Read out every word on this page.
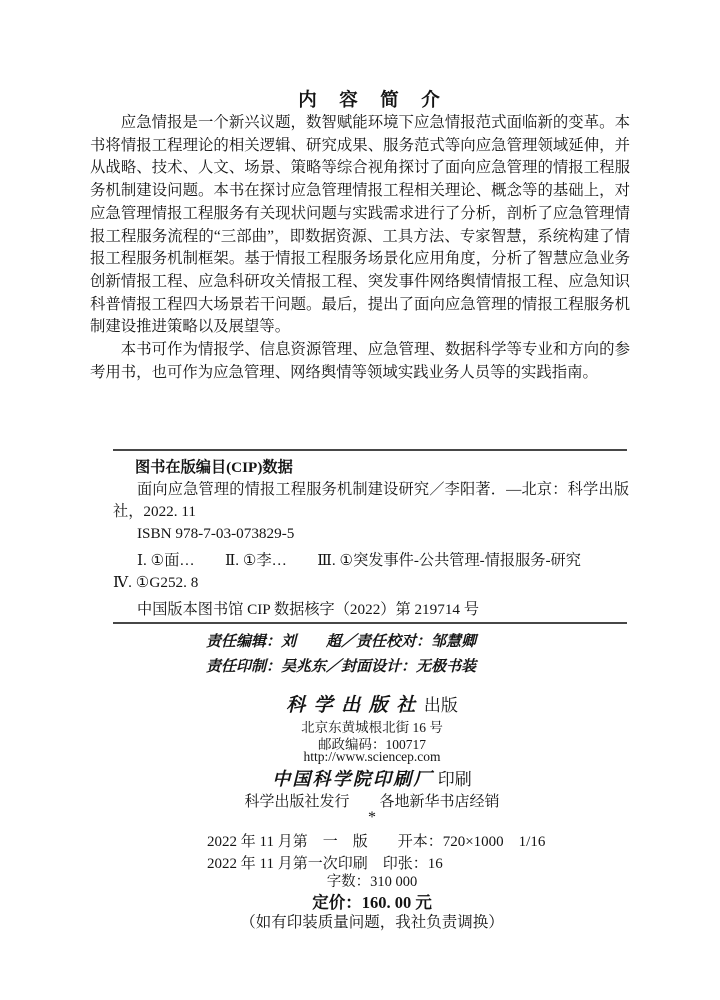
内　容　简　介

应急情报是一个新兴议题，数智赋能环境下应急情报范式面临新的变革。本书将情报工程理论的相关逻辑、研究成果、服务范式等向应急管理领域延伸，并从战略、技术、人文、场景、策略等综合视角探讨了面向应急管理的情报工程服务机制建设问题。本书在探讨应急管理情报工程相关理论、概念等的基础上，对应急管理情报工程服务有关现状问题与实践需求进行了分析，剖析了应急管理情报工程服务流程的“三部曲”，即数据资源、工具方法、专家智慧，系统构建了情报工程服务机制框架。基于情报工程服务场景化应用角度，分析了智慧应急业务创新情报工程、应急科研攻关情报工程、突发事件网络舆情情报工程、应急知识科普情报工程四大场景若干问题。最后，提出了面向应急管理的情报工程服务机制建设推进策略以及展望等。

本书可作为情报学、信息资源管理、应急管理、数据科学等专业和方向的参考用书，也可作为应急管理、网络舆情等领域实践业务人员等的实践指南。

图书在版编目(CIP)数据

面向应急管理的情报工程服务机制建设研究／李阳著．—北京：科学出版社，2022. 11

ISBN 978-7-03-073829-5

Ⅰ. ①面…　　Ⅱ. ①李…　　Ⅲ. ①突发事件-公共管理-情报服务-研究

Ⅳ. ①G252. 8

中国版本图书馆 CIP 数据核字（2022）第 219714 号

责任编辑：刘　　超／责任校对：邹慧卿

责任印制：吴兆东／封面设计：无极书装

科学出版社出版
北京东黄城根北街 16 号
邮政编码：100717
http://www.sciencep.com
中国科学院印刷厂 印刷
科学出版社发行　　各地新华书店经销
*

2022 年 11 月第　一　版　　开本：720×1000　1/16

2022 年 11 月第一次印刷　印张：16

字数：310 000
定价：160. 00 元
（如有印装质量问题，我社负责调换）
